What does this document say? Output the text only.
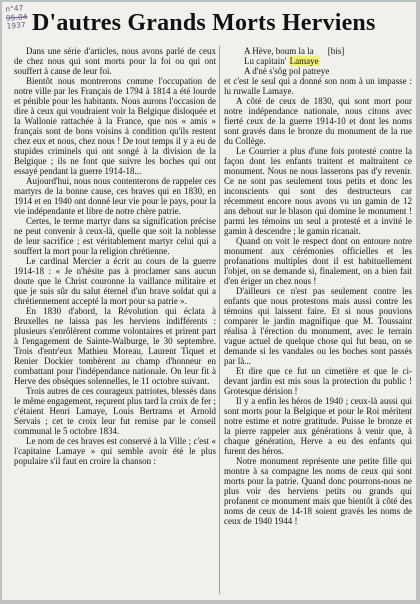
n°47
95.04
1937 D'autres Grands Morts Herviens

Dans une série d'articles, nous avons parlé de ceux de chez nous qui sont morts pour la foi ou qui ont souffert à cause de leur foi.

Bientôt nous montrerons comme l'occupation de notre ville par les Français de 1794 à 1814 a été lourde et pénible pour les habitants. Nous aurons l'occasion de dire à ceux qui voudraient voir la Belgique disloquée et la Wallonie rattachée à la France, que nos « amis » français sont de bons voisins à condition qu'ils restent chez eux et nous, chez nous ! De tout temps il y a eu de stupides criminels qui ont songé à la division de la Belgique ; ils ne font que suivre les boches qui ont essayé pendant la guerre 1914-18...

Aujourd'hui, nous nous contenterons de rappeler ces martyrs de la bonne cause, ces braves qui en 1830, en 1914 et en 1940 ont donné leur vie pour le pays, pour la vie indépendante et libre de notre chère patrie.

Certes, le terme martyr dans sa signification précise ne peut convenir à ceux-là, quelle que soit la noblesse de leur sacrifice ; est véritablement martyr celui qui a souffert la mort pour la religion chrétienne.

Le cardinal Mercier a écrit au cours de la guerre 1914-18 : « Je n'hésite pas à proclamer sans aucun doute que le Christ couronne la vaillance militaire et que je suis sûr du salut éternel d'un brave soldat qui a chrétiennement accepté la mort pour sa patrie ».

En 1830 d'abord, la Révolution qui éclata à Bruxelles ne laissa pas les herviens indifférents : plusieurs s'enrôlèrent comme volontaires et prirent part à l'engagement de Sainte-Walburge, le 30 septembre. Trois d'entr'eux Mathieu Moreau, Laurent Tiquet et Renier Dockier tombèrent au champ d'honneur en combattant pour l'indépendance nationale. On leur fit à Herve des obsèques solennelles, le 11 octobre suivant.

Trois autres de ces courageux patriotes, blessés dans le même engagement, reçurent plus tard la croix de fer ; c'étaient Henri Lamaye, Louis Bertrams et Arnold Servais ; cet te croix leur fut remise par le conseil communal le 5 octobre 1834.

Le nom de ces braves est conservé à la Ville ; c'est « l'capitaine Lamaye » qui semble avoir été le plus populaire s'il faut en croire la chanson :

A Hève, boum la la [bis]
Lu capitain' Lamaye
A d'nè s'sôg pol patreye

et c'est le seul qui a donné son nom à un impasse : lu ruwalle Lamaye.

A côté de ceux de 1830, qui sont mort pour notre indépendance nationale, nous citons avec fierté ceux de la guerre 1914-10 et dont les noms sont gravés dans le bronze du monument de la rue du Collège.

Le Courrier a plus d'une fois protesté contre la façon dont les enfants traitent et maltraitent ce monument. Nous ne nous lasserons pas d'y revenir. Ce ne sont pas seulement tous petits et donc les inconscients qui sont des destructeurs car récemment encore nous avons vu un gamin de 12 ans debout sur le blason qui domine le monument ! parmi les témoins un seul a protesté et a invité le gamin à descendre ; le gamin ricanait.

Quand on voit le respect dont on entoure notre monument aux cérémonies officielles et les profanations multiples dont il est habituellement l'objet, on se demande si, finalement, on a bien fait d'en ériger un chez nous !

D'ailleurs ce n'est pas seulement contre les enfants que nous protestons mais aussi contre les témoins qui laissent faire. Et si nous pouvions comparer le jardin magnifique que M. Toussaint réalisa à l'érection du monument, avec le terrain vague actuel de quelque chose qui fut beau, on se demande si les vandales ou les boches sont passés par là...

Et dire que ce fut un cimetière et que le ci-devant jardin est mis sous la protection du public ! Grotesque dérision !

Il y a enfin les héros de 1940 ; ceux-là aussi qui sont morts pour la Belgique et pour le Roi méritent notre estime et notre gratitude. Puisse le bronze et la pierre rappeler aux générations à venir que, à chaque génération, Herve a eu des enfants qui furent des héros.

Notre monument représente une petite fille qui montre à sa compagne les noms de ceux qui sont morts pour la patrie. Quand donc pourrons-nous ne plus voir des herviens petits ou grands qui profanent ce monument mais que bientôt à côté des noms de ceux de 14-18 soient gravés les noms de ceux de 1940 1944 !
